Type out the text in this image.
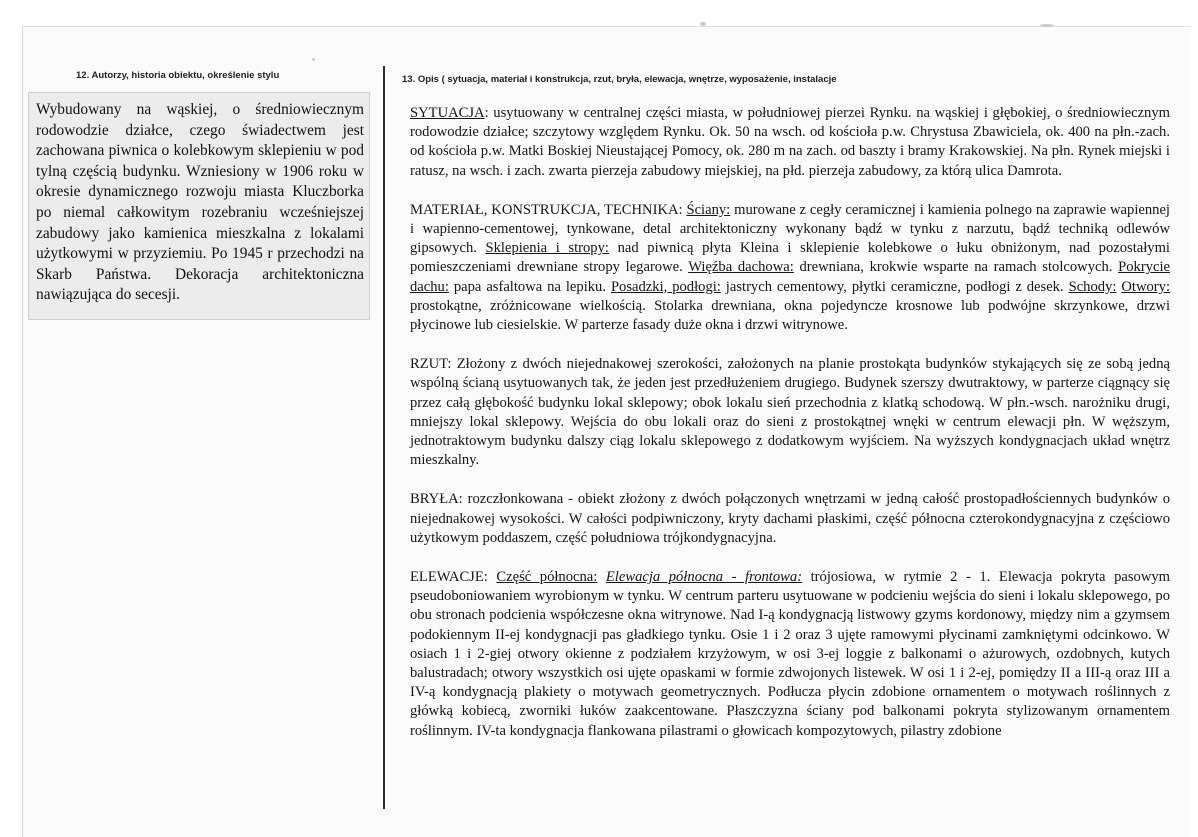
12. Autorzy, historia obiektu, określenie stylu	13. Opis ( sytuacja, materiał i konstrukcja, rzut, bryła, elewacja, wnętrze, wyposażenie, instalacje

Wybudowany na wąskiej, o średniowiecznym rodowodzie działce, czego świadectwem jest zachowana piwnica o kolebkowym sklepieniu w pod tylną częścią budynku. Wzniesiony w 1906 roku w okresie dynamicznego rozwoju miasta Kluczborka po niemal całkowitym rozebraniu wcześniejszej zabudowy jako kamienica mieszkalna z lokalami użytkowymi w przyziemiu. Po 1945 r przechodzi na Skarb Państwa. Dekoracja architektoniczna nawiązująca do secesji.

SYTUACJA: usytuowany w centralnej części miasta, w południowej pierzei Rynku. na wąskiej i głębokiej, o średniowiecznym rodowodzie działce; szczytowy względem Rynku. Ok. 50 na wsch. od kościoła p.w. Chrystusa Zbawiciela, ok. 400 na płn.-zach. od kościoła p.w. Matki Boskiej Nieustającej Pomocy, ok. 280 m na zach. od baszty i bramy Krakowskiej. Na płn. Rynek miejski i ratusz, na wsch. i zach. zwarta pierzeja zabudowy miejskiej, na płd. pierzeja zabudowy, za którą ulica Damrota.

MATERIAŁ, KONSTRUKCJA, TECHNIKA: Ściany: murowane z cegły ceramicznej i kamienia polnego na zaprawie wapiennej i wapienno-cementowej, tynkowane, detal architektoniczny wykonany bądź w tynku z narzutu, bądź techniką odlewów gipsowych. Sklepienia i stropy: nad piwnicą płyta Kleina i sklepienie kolebkowe o łuku obniżonym, nad pozostałymi pomieszczeniami drewniane stropy legarowe. Więźba dachowa: drewniana, krokwie wsparte na ramach stolcowych. Pokrycie dachu: papa asfaltowa na lepiku. Posadzki, podłogi: jastrych cementowy, płytki ceramiczne, podłogi z desek. Schody: Otwory: prostokątne, zróżnicowane wielkością. Stolarka drewniana, okna pojedyncze krosnowe lub podwójne skrzynkowe, drzwi płycinowe lub ciesielskie. W parterze fasady duże okna i drzwi witrynowe.

RZUT: Złożony z dwóch niejednakowej szerokości, założonych na planie prostokąta budynków stykających się ze sobą jedną wspólną ścianą usytuowanych tak, że jeden jest przedłużeniem drugiego. Budynek szerszy dwutraktowy, w parterze ciągnący się przez całą głębokość budynku lokal sklepowy; obok lokalu sień przechodnia z klatką schodową. W płn.-wsch. narożniku drugi, mniejszy lokal sklepowy. Wejścia do obu lokali oraz do sieni z prostokątnej wnęki w centrum elewacji płn. W węższym, jednotraktowym budynku dalszy ciąg lokalu sklepowego z dodatkowym wyjściem. Na wyższych kondygnacjach układ wnętrz mieszkalny.

BRYŁA: rozczłonkowana - obiekt złożony z dwóch połączonych wnętrzami w jedną całość prostopadłościennych budynków o niejednakowej wysokości. W całości podpiwniczony, kryty dachami płaskimi, część północna czterokondygnacyjna z częściowo użytkowym poddaszem, część południowa trójkondygnacyjna.

ELEWACJE: Część północna: Elewacja północna - frontowa: trójosiowa, w rytmie 2 - 1. Elewacja pokryta pasowym pseudoboniowaniem wyrobionym w tynku. W centrum parteru usytuowane w podcieniu wejścia do sieni i lokalu sklepowego, po obu stronach podcienia współczesne okna witrynowe. Nad I-ą kondygnacją listwowy gzyms kordonowy, między nim a gzymsem podokiennym II-ej kondygnacji pas gładkiego tynku. Osie 1 i 2 oraz 3 ujęte ramowymi płycinami zamkniętymi odcinkowo. W osiach 1 i 2-giej otwory okienne z podziałem krzyżowym, w osi 3-ej loggie z balkonami o ażurowych, ozdobnych, kutych balustradach; otwory wszystkich osi ujęte opaskami w formie zdwojonych listewek. W osi 1 i 2-ej, pomiędzy II a III-ą oraz III a IV-ą kondygnacją plakiety o motywach geometrycznych. Podłucza płycin zdobione ornamentem o motywach roślinnych z główką kobiecą, zworniki łuków zaakcentowane. Płaszczyzna ściany pod balkonami pokryta stylizowanym ornamentem roślinnym. IV-ta kondygnacja flankowana pilastrami o głowicach kompozytowych, pilastry zdobione
